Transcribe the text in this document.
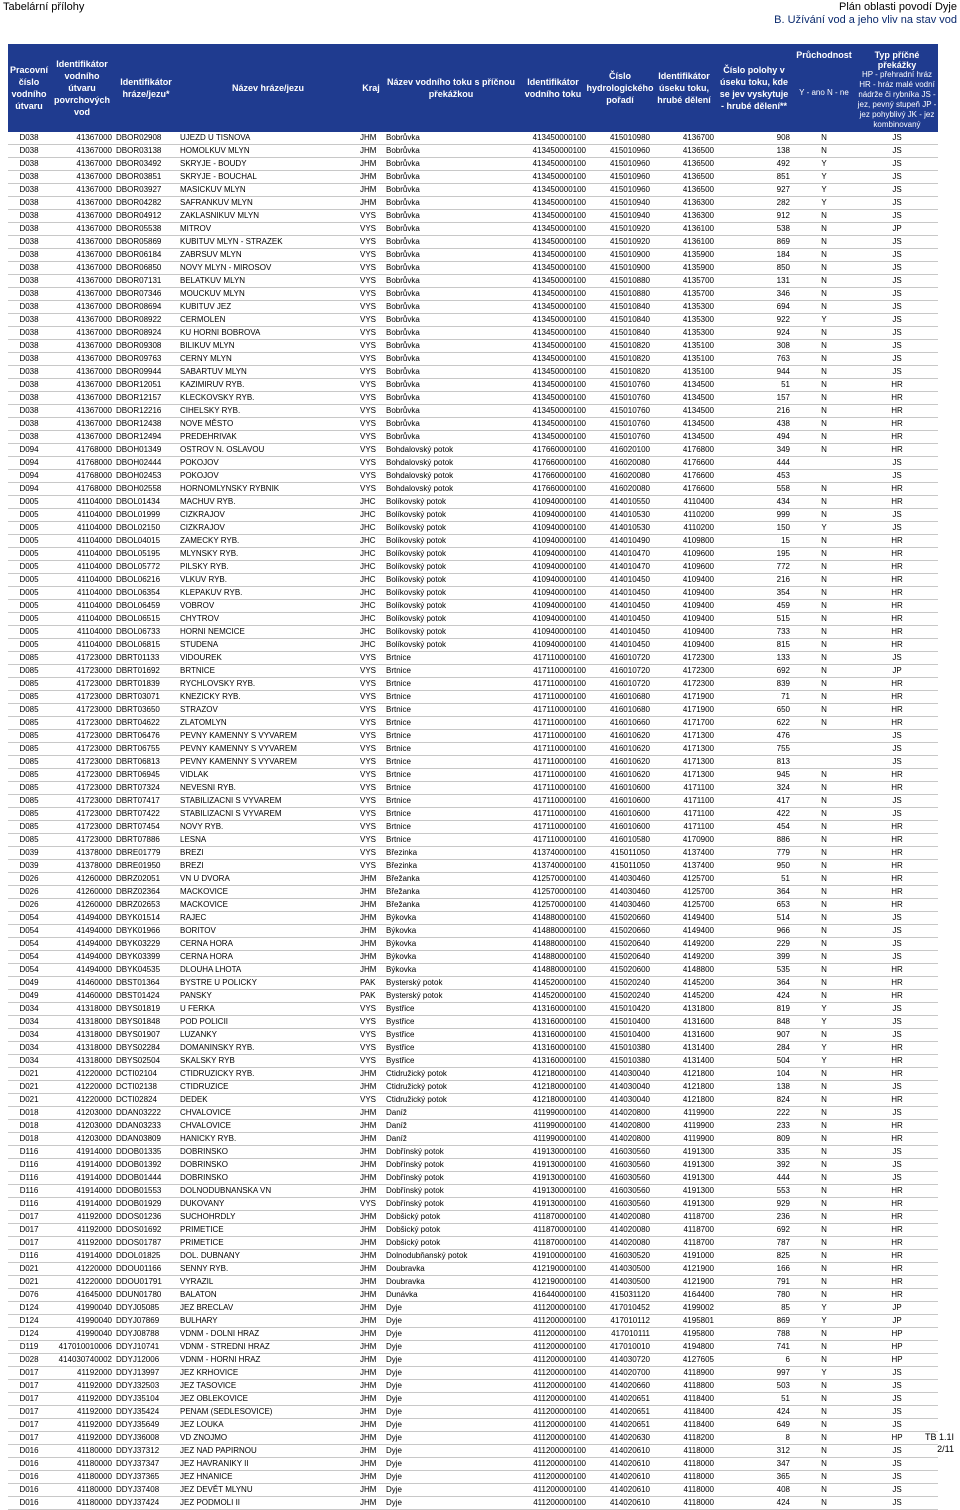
Tabelární přílohy	Plán oblasti povodí Dyje
B. Užívání vod a jeho vliv na stav vod
Pracovní číslo vodního útvaru
Identifikátor vodního útvaru povrchových vod
Identifikátor hráze/jezu*
Název hráze/jezu	Kraj
Název vodního toku s příčnou překážkou
Identifikátor vodního toku
Číslo hydrologického pořadí
Identifikátor úseku toku, hrubé dělení
Číslo polohy v úseku toku, kde se jev vyskytuje - hrubé dělení**
Průchodnost
Y - ano N - ne
Typ příčné překážky
HP - přehradní hráz HR - hráz malé vodní nádrže či rybníka JS - jez, pevný stupeň JP - jez pohyblivý JK - jez kombinovaný
D038	41367000	DBOR02908	UJEZD U TISNOVA	JHM	Bobrůvka	413450000100	415010980	4136700	908	N	JS
D038	41367000	DBOR03138	HOMOLKUV MLYN	JHM	Bobrůvka	413450000100	415010960	4136500	138	N	JS
D038	41367000	DBOR03492	SKRYJE - BOUDY	JHM	Bobrůvka	413450000100	415010960	4136500	492	Y	JS
D038	41367000	DBOR03851	SKRYJE - BOUCHAL	JHM	Bobrůvka	413450000100	415010960	4136500	851	Y	JS
D038	41367000	DBOR03927	MASICKUV MLYN	JHM	Bobrůvka	413450000100	415010960	4136500	927	Y	JS
D038	41367000	DBOR04282	SAFRANKUV MLYN	JHM	Bobrůvka	413450000100	415010940	4136300	282	Y	JS
D038	41367000	DBOR04912	ZAKLASNIKUV MLYN	VYS	Bobrůvka	413450000100	415010940	4136300	912	N	JS
D038	41367000	DBOR05538	MITROV	VYS	Bobrůvka	413450000100	415010920	4136100	538	N	JP
D038	41367000	DBOR05869	KUBITUV MLYN - STRAZEK	VYS	Bobrůvka	413450000100	415010920	4136100	869	N	JS
D038	41367000	DBOR06184	ZABRSUV MLYN	VYS	Bobrůvka	413450000100	415010900	4135900	184	N	JS
D038	41367000	DBOR06850	NOVY MLYN - MIROSOV	VYS	Bobrůvka	413450000100	415010900	4135900	850	N	JS
D038	41367000	DBOR07131	BELATKUV MLYN	VYS	Bobrůvka	413450000100	415010880	4135700	131	N	JS
D038	41367000	DBOR07346	MOUCKUV MLYN	VYS	Bobrůvka	413450000100	415010880	4135700	346	N	JS
D038	41367000	DBOR08694	KUBITUV JEZ	VYS	Bobrůvka	413450000100	415010840	4135300	694	N	JS
D038	41367000	DBOR08922	CERMOLEN	VYS	Bobrůvka	413450000100	415010840	4135300	922	Y	JS
D038	41367000	DBOR08924	KU HORNI BOBROVA	VYS	Bobrůvka	413450000100	415010840	4135300	924	N	JS
D038	41367000	DBOR09308	BILIKUV MLYN	VYS	Bobrůvka	413450000100	415010820	4135100	308	N	JS
D038	41367000	DBOR09763	CERNY MLYN	VYS	Bobrůvka	413450000100	415010820	4135100	763	N	JS
D038	41367000	DBOR09944	SABARTUV MLYN	VYS	Bobrůvka	413450000100	415010820	4135100	944	N	JS
D038	41367000	DBOR12051	KAZIMIRUV RYB.	VYS	Bobrůvka	413450000100	415010760	4134500	51	N	HR
D038	41367000	DBOR12157	KLECKOVSKY RYB.	VYS	Bobrůvka	413450000100	415010760	4134500	157	N	HR
D038	41367000	DBOR12216	CIHELSKY RYB.	VYS	Bobrůvka	413450000100	415010760	4134500	216	N	HR
D038	41367000	DBOR12438	NOVE MĚSTO	VYS	Bobrůvka	413450000100	415010760	4134500	438	N	HR
D038	41367000	DBOR12494	PREDEHRIVAK	VYS	Bobrůvka	413450000100	415010760	4134500	494	N	HR
D094	41768000	DBOH01349	OSTROV N. OSLAVOU	VYS	Bohdalovský potok	417660000100	416020100	4176800	349	N	HR
D094	41768000	DBOH02444	POKOJOV	VYS	Bohdalovský potok	417660000100	416020080	4176600	444		JS
D094	41768000	DBOH02453	POKOJOV	VYS	Bohdalovský potok	417660000100	416020080	4176600	453		JS
D094	41768000	DBOH02558	HORNOMLYNSKY RYBNIK	VYS	Bohdalovský potok	417660000100	416020080	4176600	558	N	HR
D005	41104000	DBOL01434	MACHUV RYB.	JHC	Bolíkovský potok	410940000100	414010550	4110400	434	N	HR
D005	41104000	DBOL01999	CIZKRAJOV	JHC	Bolíkovský potok	410940000100	414010530	4110200	999	N	JS
D005	41104000	DBOL02150	CIZKRAJOV	JHC	Bolíkovský potok	410940000100	414010530	4110200	150	Y	JS
D005	41104000	DBOL04015	ZAMECKY RYB.	JHC	Bolíkovský potok	410940000100	414010490	4109800	15	N	HR
D005	41104000	DBOL05195	MLYNSKY RYB.	JHC	Bolíkovský potok	410940000100	414010470	4109600	195	N	HR
D005	41104000	DBOL05772	PILSKY RYB.	JHC	Bolíkovský potok	410940000100	414010470	4109600	772	N	HR
D005	41104000	DBOL06216	VLKUV RYB.	JHC	Bolíkovský potok	410940000100	414010450	4109400	216	N	HR
D005	41104000	DBOL06354	KLEPAKUV RYB.	JHC	Bolíkovský potok	410940000100	414010450	4109400	354	N	HR
D005	41104000	DBOL06459	VOBROV	JHC	Bolíkovský potok	410940000100	414010450	4109400	459	N	HR
D005	41104000	DBOL06515	CHYTROV	JHC	Bolíkovský potok	410940000100	414010450	4109400	515	N	HR
D005	41104000	DBOL06733	HORNI NEMCICE	JHC	Bolíkovský potok	410940000100	414010450	4109400	733	N	HR
D005	41104000	DBOL06815	STUDENA	JHC	Bolíkovský potok	410940000100	414010450	4109400	815	N	HR
D085	41723000	DBRT01133	VIDOUREK	VYS	Brtnice	417110000100	416010720	4172300	133	N	JS
D085	41723000	DBRT01692	BRTNICE	VYS	Brtnice	417110000100	416010720	4172300	692	N	JP
D085	41723000	DBRT01839	RYCHLOVSKY RYB.	VYS	Brtnice	417110000100	416010720	4172300	839	N	HR
D085	41723000	DBRT03071	KNEZICKY RYB.	VYS	Brtnice	417110000100	416010680	4171900	71	N	HR
D085	41723000	DBRT03650	STRAZOV	VYS	Brtnice	417110000100	416010680	4171900	650	N	HR
D085	41723000	DBRT04622	ZLATOMLYN	VYS	Brtnice	417110000100	416010660	4171700	622	N	HR
D085	41723000	DBRT06476	PEVNY KAMENNY S VYVAREM	VYS	Brtnice	417110000100	416010620	4171300	476		JS
D085	41723000	DBRT06755	PEVNY KAMENNY S VYVAREM	VYS	Brtnice	417110000100	416010620	4171300	755		JS
D085	41723000	DBRT06813	PEVNY KAMENNY S VYVAREM	VYS	Brtnice	417110000100	416010620	4171300	813		JS
D085	41723000	DBRT06945	VIDLAK	VYS	Brtnice	417110000100	416010620	4171300	945	N	HR
D085	41723000	DBRT07324	NEVESNI RYB.	VYS	Brtnice	417110000100	416010600	4171100	324	N	HR
D085	41723000	DBRT07417	STABILIZACNI S VYVAREM	VYS	Brtnice	417110000100	416010600	4171100	417	N	JS
D085	41723000	DBRT07422	STABILIZACNI S VYVAREM	VYS	Brtnice	417110000100	416010600	4171100	422	N	JS
D085	41723000	DBRT07454	NOVY RYB.	VYS	Brtnice	417110000100	416010600	4171100	454	N	HR
D085	41723000	DBRT07886	LESNA	VYS	Brtnice	417110000100	416010580	4170900	886	N	HR
D039	41378000	DBRE01779	BREZI	VYS	Březinka	413740000100	415011050	4137400	779	N	HR
D039	41378000	DBRE01950	BREZI	VYS	Březinka	413740000100	415011050	4137400	950	N	HR
D026	41260000	DBRZ02051	VN U DVORA	JHM	Břežanka	412570000100	414030460	4125700	51	N	HR
D026	41260000	DBRZ02364	MACKOVICE	JHM	Břežanka	412570000100	414030460	4125700	364	N	HR
D026	41260000	DBRZ02653	MACKOVICE	JHM	Břežanka	412570000100	414030460	4125700	653	N	HR
D054	41494000	DBYK01514	RAJEC	JHM	Býkovka	414880000100	415020660	4149400	514	N	JS
D054	41494000	DBYK01966	BORITOV	JHM	Býkovka	414880000100	415020660	4149400	966	N	JS
D054	41494000	DBYK03229	CERNA HORA	JHM	Býkovka	414880000100	415020640	4149200	229	N	JS
D054	41494000	DBYK03399	CERNA HORA	JHM	Býkovka	414880000100	415020640	4149200	399	N	JS
D054	41494000	DBYK04535	DLOUHA LHOTA	JHM	Býkovka	414880000100	415020600	4148800	535	N	HR
D049	41460000	DBST01364	BYSTRE U POLICKY	PAK	Bysterský potok	414520000100	415020240	4145200	364	N	HR
D049	41460000	DBST01424	PANSKY	PAK	Bysterský potok	414520000100	415020240	4145200	424	N	HR
D034	41318000	DBYS01819	U FERKA	VYS	Bystřice	413160000100	415010420	4131800	819	Y	JS
D034	41318000	DBYS01848	POD POLICII	VYS	Bystřice	413160000100	415010400	4131600	848	Y	JS
D034	41318000	DBYS01907	LUZANKY	VYS	Bystřice	413160000100	415010400	4131600	907	N	JS
D034	41318000	DBYS02284	DOMANINSKY RYB.	VYS	Bystřice	413160000100	415010380	4131400	284	Y	HR
D034	41318000	DBYS02504	SKALSKY RYB	VYS	Bystřice	413160000100	415010380	4131400	504	Y	HR
D021	41220000	DCTI02104	CTIDRUZICKY RYB.	JHM	Ctidružický potok	412180000100	414030040	4121800	104	N	HR
D021	41220000	DCTI02138	CTIDRUZICE	JHM	Ctidružický potok	412180000100	414030040	4121800	138	N	JS
D021	41220000	DCTI02824	DEDEK	VYS	Ctidružický potok	412180000100	414030040	4121800	824	N	HR
D018	41203000	DDAN03222	CHVALOVICE	JHM	Daníž	411990000100	414020800	4119900	222	N	JS
D018	41203000	DDAN03233	CHVALOVICE	JHM	Daníž	411990000100	414020800	4119900	233	N	HR
D018	41203000	DDAN03809	HANICKY RYB.	JHM	Daníž	411990000100	414020800	4119900	809	N	HR
D116	41914000	DDOB01335	DOBRINSKO	JHM	Dobřínský potok	419130000100	416030560	4191300	335	N	JS
D116	41914000	DDOB01392	DOBRINSKO	JHM	Dobřínský potok	419130000100	416030560	4191300	392	N	JS
D116	41914000	DDOB01444	DOBRINSKO	JHM	Dobřínský potok	419130000100	416030560	4191300	444	N	JS
D116	41914000	DDOB01553	DOLNODUBNANSKA VN	JHM	Dobřínský potok	419130000100	416030560	4191300	553	N	HR
D116	41914000	DDOB01929	DUKOVANY	VYS	Dobřínský potok	419130000100	416030560	4191300	929	N	HR
D017	41192000	DDOS01236	SUCHOHRDLY	JHM	Dobšický potok	411870000100	414020080	4118700	236	N	HR
D017	41192000	DDOS01692	PRIMETICE	JHM	Dobšický potok	411870000100	414020080	4118700	692	N	HR
D017	41192000	DDOS01787	PRIMETICE	JHM	Dobšický potok	411870000100	414020080	4118700	787	N	HR
D116	41914000	DDOL01825	DOL. DUBNANY	JHM	Dolnodubňanský potok	419100000100	416030520	4191000	825	N	HR
D021	41220000	DDOU01166	SENNY RYB.	JHM	Doubravka	412190000100	414030500	4121900	166	N	HR
D021	41220000	DDOU01791	VYRAZIL	JHM	Doubravka	412190000100	414030500	4121900	791	N	HR
D076	41645000	DDUN01780	BALATON	JHM	Dunávka	416440000100	415031120	4164400	780	N	HR
D124	41990040	DDYJ05085	JEZ BRECLAV	JHM	Dyje	411200000100	417010452	4199002	85	Y	JP
D124	41990040	DDYJ07869	BULHARY	JHM	Dyje	411200000100	417010112	4195801	869	Y	JP
D124	41990040	DDYJ08788	VDNM - DOLNI HRAZ	JHM	Dyje	411200000100	417010111	4195800	788	N	HP
D119	417010010006	DDYJ10741	VDNM - STREDNI HRAZ	JHM	Dyje	411200000100	417010010	4194800	741	N	HP
D028	414030740002	DDYJ12006	VDNM - HORNI HRAZ	JHM	Dyje	411200000100	414030720	4127605	6	N	HP
D017	41192000	DDYJ13997	JEZ KRHOVICE	JHM	Dyje	411200000100	414020700	4118900	997	Y	JS
D017	41192000	DDYJ32503	JEZ TASOVICE	JHM	Dyje	411200000100	414020660	4118800	503	N	JS
D017	41192000	DDYJ35104	JEZ OBLEKOVICE	JHM	Dyje	411200000100	414020651	4118400	51	N	JS
D017	41192000	DDYJ35424	PENAM (SEDLESOVICE)	JHM	Dyje	411200000100	414020651	4118400	424	N	JS
D017	41192000	DDYJ35649	JEZ LOUKA	JHM	Dyje	411200000100	414020651	4118400	649	N	JS
D017	41192000	DDYJ36008	VD ZNOJMO	JHM	Dyje	411200000100	414020630	4118200	8	N	HP
D016	41180000	DDYJ37312	JEZ NAD PAPIRNOU	JHM	Dyje	411200000100	414020610	4118000	312	N	JS
D016	41180000	DDYJ37347	JEZ HAVRANIKY II	JHM	Dyje	411200000100	414020610	4118000	347	N	JS
D016	41180000	DDYJ37365	JEZ HNANICE	JHM	Dyje	411200000100	414020610	4118000	365	N	JS
D016	41180000	DDYJ37408	JEZ DEVĚT MLYNU	JHM	Dyje	411200000100	414020610	4118000	408	N	JS
D016	41180000	DDYJ37424	JEZ PODMOLI II	JHM	Dyje	411200000100	414020610	4118000	424	N	JS
TB 1.1I
2/11
